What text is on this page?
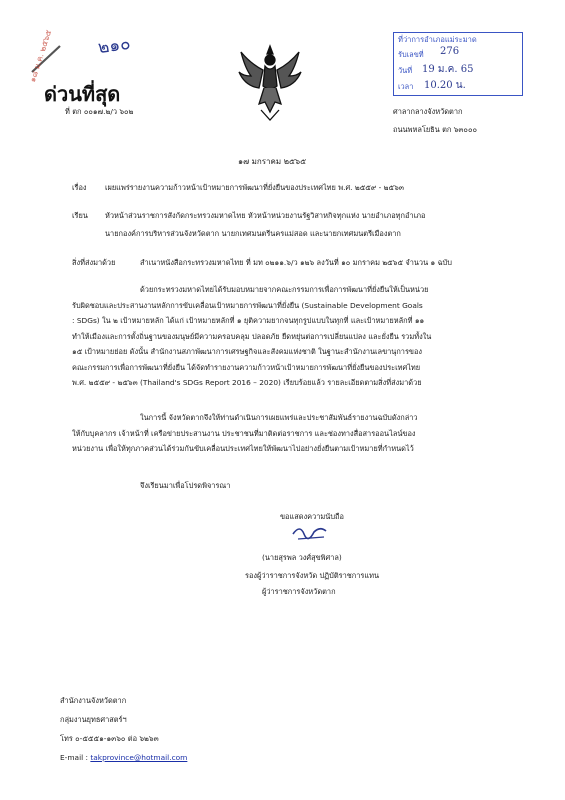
๒๑๐
๑๘ ม.ค. ๒๕๖๕
ด่วนที่สุด
ที่ ตก ๐๐๑๗.๒/ว ๖๐๒
ที่ว่าการอำเภอแม่ระมาด
รับเลขที่ 276
วันที่ 19 ม.ค. 65
เวลา 10.20 น.
ศาลากลางจังหวัดตาก
ถนนพหลโยธิน ตก ๖๓๐๐๐
๑๗ มกราคม ๒๕๖๕
เรื่อง เผยแพร่รายงานความก้าวหน้าเป้าหมายการพัฒนาที่ยั่งยืนของประเทศไทย พ.ศ. ๒๕๕๙ - ๒๕๖๓
เรียน หัวหน้าส่วนราชการสังกัดกระทรวงมหาดไทย หัวหน้าหน่วยงานรัฐวิสาหกิจทุกแห่ง นายอำเภอทุกอำเภอ
นายกองค์การบริหารส่วนจังหวัดตาก นายกเทศมนตรีนครแม่สอด และนายกเทศมนตรีเมืองตาก
สิ่งที่ส่งมาด้วย	สำเนาหนังสือกระทรวงมหาดไทย ที่ มท ๐๒๑๑.๖/ว ๑๒๖ ลงวันที่ ๑๐ มกราคม ๒๕๖๕ จำนวน ๑ ฉบับ
ด้วยกระทรวงมหาดไทยได้รับมอบหมายจากคณะกรรมการเพื่อการพัฒนาที่ยั่งยืนให้เป็นหน่วย
รับผิดชอบและประสานงานหลักการขับเคลื่อนเป้าหมายการพัฒนาที่ยั่งยืน (Sustainable Development Goals
: SDGs) ใน ๒ เป้าหมายหลัก ได้แก่ เป้าหมายหลักที่ ๑ ยุติความยากจนทุกรูปแบบในทุกที่ และเป้าหมายหลักที่ ๑๑
ทำให้เมืองและการตั้งถิ่นฐานของมนุษย์มีความครอบคลุม ปลอดภัย ยืดหยุ่นต่อการเปลี่ยนแปลง และยั่งยืน รวมทั้งใน
๑๕ เป้าหมายย่อย ดังนั้น สำนักงานสภาพัฒนาการเศรษฐกิจและสังคมแห่งชาติ ในฐานะสำนักงานเลขานุการของ
คณะกรรมการเพื่อการพัฒนาที่ยั่งยืน ได้จัดทำรายงานความก้าวหน้าเป้าหมายการพัฒนาที่ยั่งยืนของประเทศไทย
พ.ศ. ๒๕๕๙ - ๒๕๖๓ (Thailand's SDGs Report 2016 – 2020) เรียบร้อยแล้ว รายละเอียดตามสิ่งที่ส่งมาด้วย
ในการนี้ จังหวัดตากจึงให้ท่านดำเนินการเผยแพร่และประชาสัมพันธ์รายงานฉบับดังกล่าว
ให้กับบุคลากร เจ้าหน้าที่ เครือข่ายประสานงาน ประชาชนที่มาติดต่อราชการ และช่องทางสื่อสารออนไลน์ของ
หน่วยงาน เพื่อให้ทุกภาคส่วนได้ร่วมกันขับเคลื่อนประเทศไทยให้พัฒนาไปอย่างยั่งยืนตามเป้าหมายที่กำหนดไว้
จึงเรียนมาเพื่อโปรดพิจารณา
ขอแสดงความนับถือ
(นายสุรพล วงศ์สุขพิศาล)
รองผู้ว่าราชการจังหวัด ปฏิบัติราชการแทน
ผู้ว่าราชการจังหวัดตาก
สำนักงานจังหวัดตาก
กลุ่มงานยุทธศาสตร์ฯ
โทร ๐-๕๕๕๑-๑๓๖๐ ต่อ ๖๒๖๓
E-mail : takprovince@hotmail.com
